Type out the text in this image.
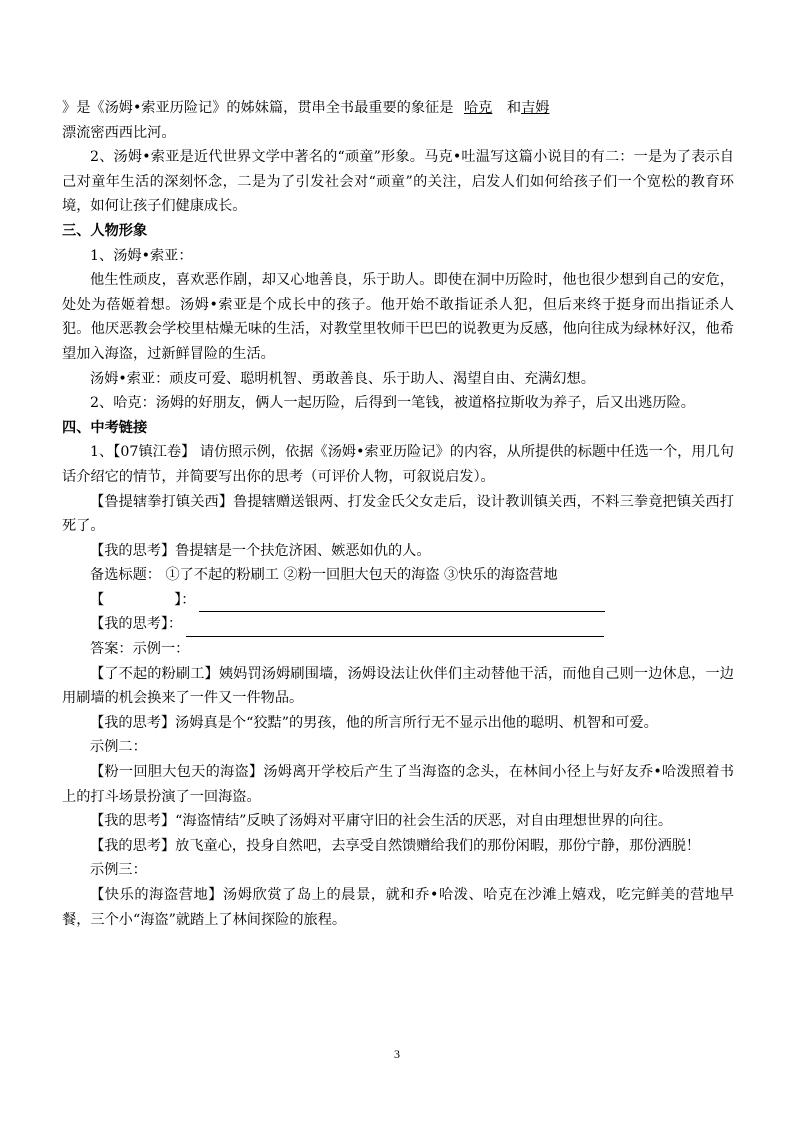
》是《汤姆•索亚历险记》的姊妹篇，贯串全书最重要的象征是 哈克 和吉姆

漂流密西西比河。

2、汤姆•索亚是近代世界文学中著名的“顽童”形象。马克•吐温写这篇小说目的有二：一是为了表示自己对童年生活的深刻怀念，二是为了引发社会对“顽童”的关注，启发人们如何给孩子们一个宽松的教育环境，如何让孩子们健康成长。

三、人物形象

1、汤姆•索亚：

他生性顽皮，喜欢恶作剧，却又心地善良，乐于助人。即使在洞中历险时，他也很少想到自己的安危，处处为蓓姬着想。汤姆•索亚是个成长中的孩子。他开始不敢指证杀人犯，但后来终于挺身而出指证杀人犯。他厌恶教会学校里枯燥无味的生活，对教堂里牧师干巴巴的说教更为反感，他向往成为绿林好汉，他希望加入海盗，过新鲜冒险的生活。

汤姆•索亚：顽皮可爱、聪明机智、勇敢善良、乐于助人、渴望自由、充满幻想。

2、哈克：汤姆的好朋友，俩人一起历险，后得到一笔钱，被道格拉斯收为养子，后又出逃历险。

四、中考链接

1、【07镇江卷】 请仿照示例，依据《汤姆•索亚历险记》的内容，从所提供的标题中任选一个，用几句话介绍它的情节，并简要写出你的思考（可评价人物，可叙说启发）。

【鲁提辖拳打镇关西】鲁提辖赠送银两、打发金氏父女走后，设计教训镇关西，不料三拳竟把镇关西打死了。

【我的思考】鲁提辖是一个扶危济困、嫉恶如仇的人。

备选标题： ①了不起的粉刷工 ②粉一回胆大包天的海盗 ③快乐的海盗营地

【	】：

【我的思考】：

答案：示例一：

【了不起的粉刷工】姨妈罚汤姆刷围墙，汤姆设法让伙伴们主动替他干活，而他自己则一边休息，一边用刷墙的机会换来了一件又一件物品。

【我的思考】汤姆真是个“狡黠”的男孩，他的所言所行无不显示出他的聪明、机智和可爱。

示例二：

【粉一回胆大包天的海盗】汤姆离开学校后产生了当海盗的念头，在林间小径上与好友乔•哈泼照着书上的打斗场景扮演了一回海盗。

【我的思考】“海盗情结”反映了汤姆对平庸守旧的社会生活的厌恶，对自由理想世界的向往。

【我的思考】放飞童心，投身自然吧，去享受自然馈赠给我们的那份闲暇，那份宁静，那份洒脱！

示例三：

【快乐的海盗营地】汤姆欣赏了岛上的晨景，就和乔•哈泼、哈克在沙滩上嬉戏，吃完鲜美的营地早餐，三个小“海盗”就踏上了林间探险的旅程。

3
